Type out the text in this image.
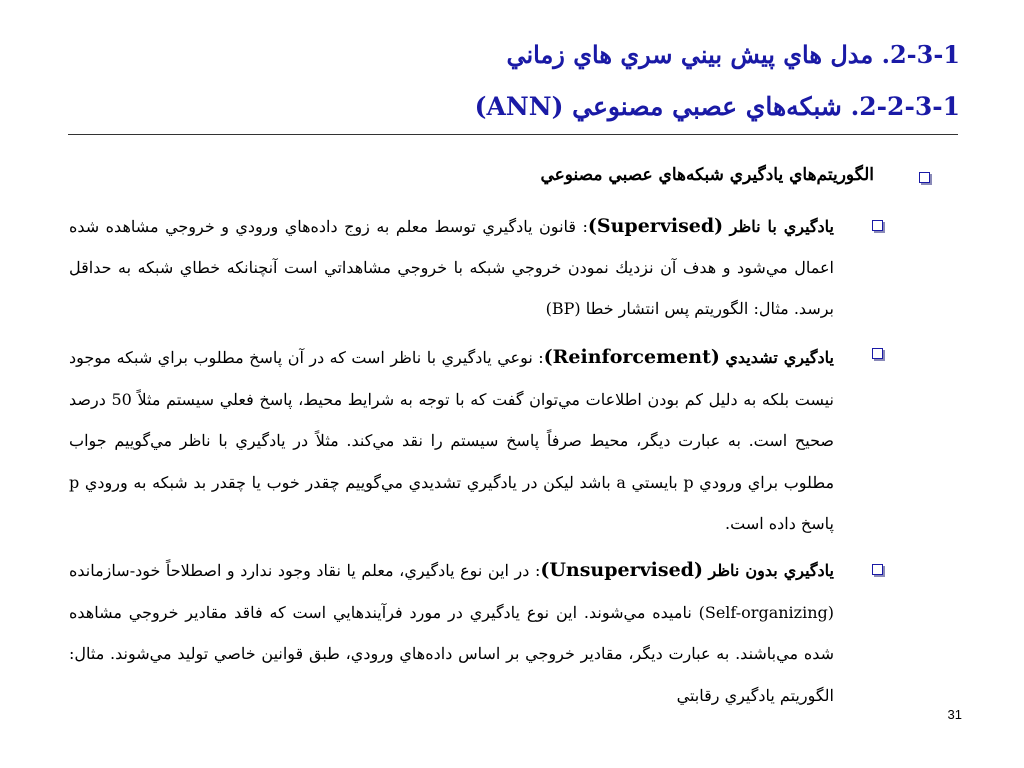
2-3-1. مدل هاي پيش بيني سري هاي زماني
2-2-3-1. شبكه‌هاي عصبي مصنوعي (ANN)
الگوريتم‌هاي يادگيري شبكه‌هاي عصبي مصنوعي
يادگيري با ناظر (Supervised): قانون يادگيري توسط معلم به زوج داده‌هاي ورودي و خروجي مشاهده شده اعمال مي‌شود و هدف آن نزديك نمودن خروجي شبكه با خروجي مشاهداتي است آنچنانكه خطاي شبكه به حداقل برسد. مثال: الگوريتم پس انتشار خطا (BP)
يادگيري تشديدي (Reinforcement): نوعي يادگيري با ناظر است كه در آن پاسخ مطلوب براي شبكه موجود نيست بلكه به دليل كم بودن اطلاعات مي‌توان گفت كه با توجه به شرايط محيط، پاسخ فعلي سيستم مثلاً 50 درصد صحيح است. به عبارت ديگر، محيط صرفاً پاسخ سيستم را نقد مي‌كند. مثلاً در يادگيري با ناظر مي‌گوييم جواب مطلوب براي ورودي p بايستي a باشد ليكن در يادگيري تشديدي مي‌گوييم چقدر خوب يا چقدر بد شبكه به ورودي p پاسخ داده است.
يادگيري بدون ناظر (Unsupervised): در اين نوع يادگيري، معلم يا نقاد وجود ندارد و اصطلاحاً خود-سازمانده (Self-organizing) ناميده مي‌شوند. اين نوع يادگيري در مورد فرآيندهايي است كه فاقد مقادير خروجي مشاهده شده مي‌باشند. به عبارت ديگر، مقادير خروجي بر اساس داده‌هاي ورودي، طبق قوانين خاصي توليد مي‌شوند. مثال: الگوريتم يادگيري رقابتي
31
